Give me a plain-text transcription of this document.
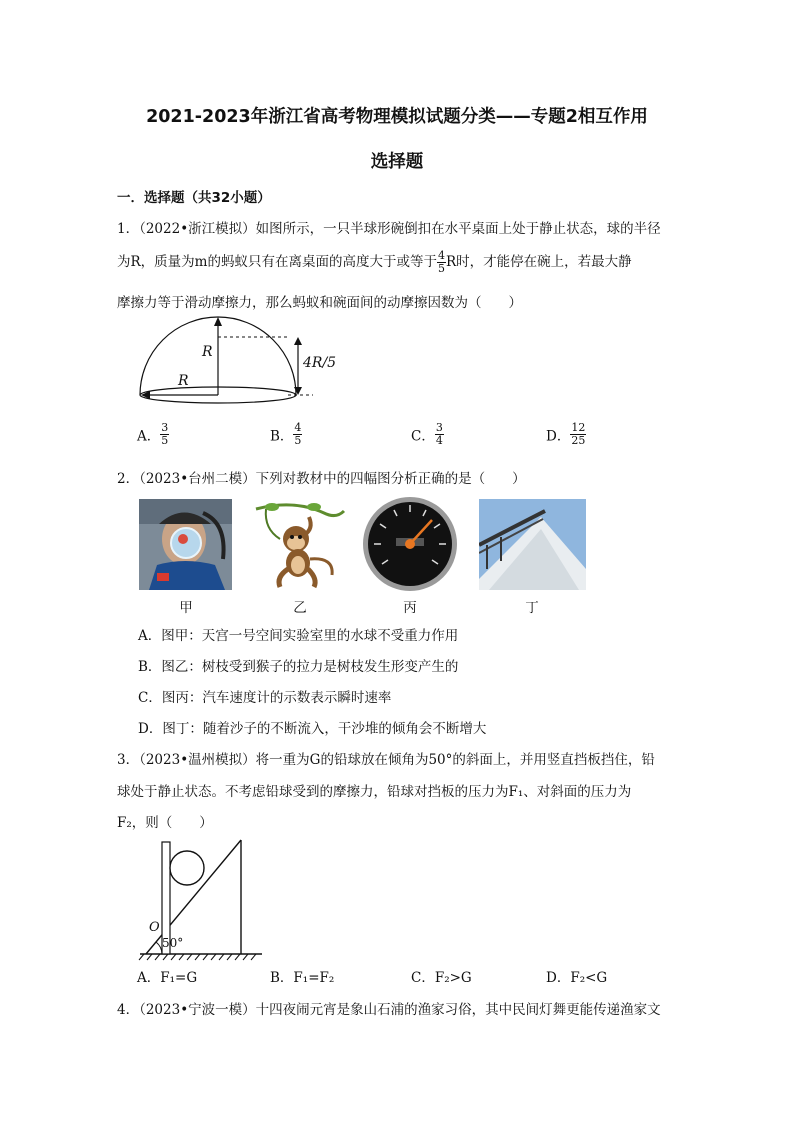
2021-2023年浙江省高考物理模拟试题分类——专题2相互作用
选择题
一．选择题（共32小题）
1．（2022•浙江模拟）如图所示，一只半球形碗倒扣在水平桌面上处于静止状态，球的半径
为R，质量为m的蚂蚁只有在离桌面的高度大于或等于 $\frac{4}{5}$ R时，才能停在碗上，若最大静
摩擦力等于滑动摩擦力，那么蚂蚁和碗面间的动摩擦因数为（　　）
R
R
4R/5
A． $\frac{3}{5}$	B． $\frac{4}{5}$	C． $\frac{3}{4}$	D． $\frac{12}{25}$
2．（2023•台州二模）下列对教材中的四幅图分析正确的是（　　）
甲	乙	丙	丁
A．图甲：天宫一号空间实验室里的水球不受重力作用
B．图乙：树枝受到猴子的拉力是树枝发生形变产生的
C．图丙：汽车速度计的示数表示瞬时速率
D．图丁：随着沙子的不断流入，干沙堆的倾角会不断增大
3．（2023•温州模拟）将一重为G的铅球放在倾角为50°的斜面上，并用竖直挡板挡住，铅
球处于静止状态。不考虑铅球受到的摩擦力，铅球对挡板的压力为F₁、对斜面的压力为
F₂，则（　　）
O
50°
A．F₁=G	B．F₁=F₂	C．F₂>G	D．F₂<G
4．（2023•宁波一模）十四夜闹元宵是象山石浦的渔家习俗，其中民间灯舞更能传递渔家文
